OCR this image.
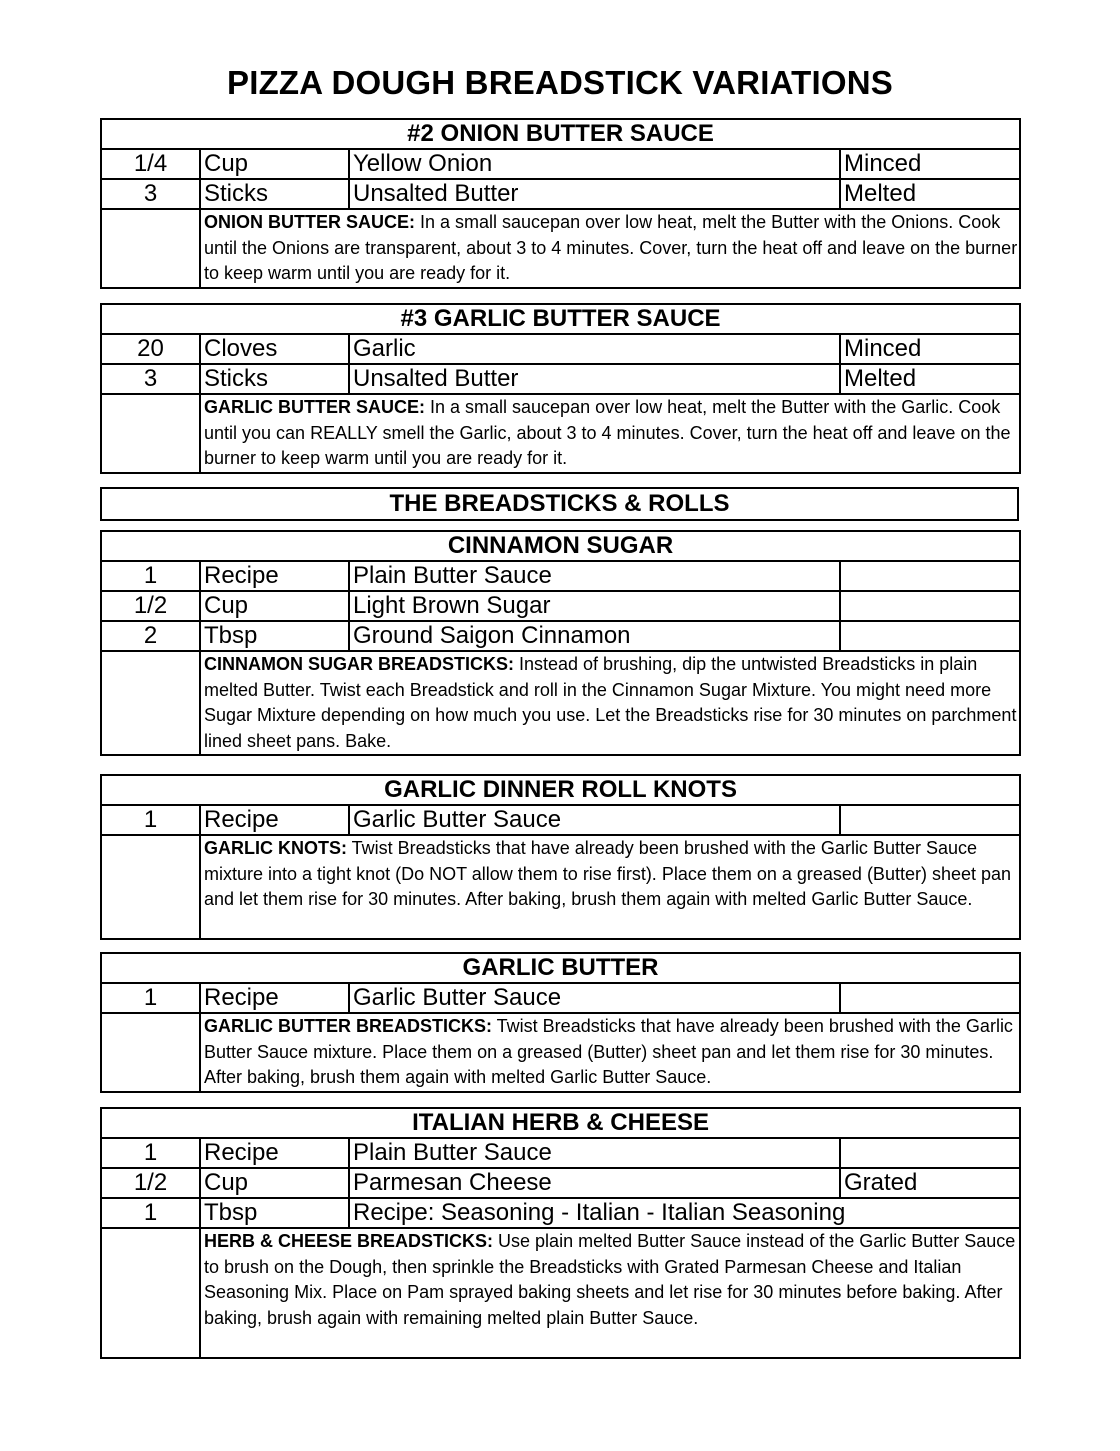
PIZZA DOUGH BREADSTICK VARIATIONS
#2 ONION BUTTER SAUCE			
1/4	Cup	Yellow Onion	Minced
3	Sticks	Unsalted Butter	Melted
	ONION BUTTER SAUCE: In a small saucepan over low heat, melt the Butter with the Onions. Cook until the Onions are transparent, about 3 to 4 minutes. Cover, turn the heat off and leave on the burner to keep warm until you are ready for it.		
#3 GARLIC BUTTER SAUCE			
20	Cloves	Garlic	Minced
3	Sticks	Unsalted Butter	Melted
	GARLIC BUTTER SAUCE: In a small saucepan over low heat, melt the Butter with the Garlic. Cook until you can REALLY smell the Garlic, about 3 to 4 minutes. Cover, turn the heat off and leave on the burner to keep warm until you are ready for it.		
THE BREADSTICKS & ROLLS
CINNAMON SUGAR			
1	Recipe	Plain Butter Sauce	
1/2	Cup	Light Brown Sugar	
2	Tbsp	Ground Saigon Cinnamon	
	CINNAMON SUGAR BREADSTICKS: Instead of brushing, dip the untwisted Breadsticks in plain melted Butter. Twist each Breadstick and roll in the Cinnamon Sugar Mixture. You might need more Sugar Mixture depending on how much you use. Let the Breadsticks rise for 30 minutes on parchment lined sheet pans. Bake.		
GARLIC DINNER ROLL KNOTS			
1	Recipe	Garlic Butter Sauce	
	GARLIC KNOTS: Twist Breadsticks that have already been brushed with the Garlic Butter Sauce mixture into a tight knot (Do NOT allow them to rise first). Place them on a greased (Butter) sheet pan and let them rise for 30 minutes. After baking, brush them again with melted Garlic Butter Sauce.		
GARLIC BUTTER			
1	Recipe	Garlic Butter Sauce	
	GARLIC BUTTER BREADSTICKS: Twist Breadsticks that have already been brushed with the Garlic Butter Sauce mixture. Place them on a greased (Butter) sheet pan and let them rise for 30 minutes. After baking, brush them again with melted Garlic Butter Sauce.		
ITALIAN HERB & CHEESE			
1	Recipe	Plain Butter Sauce	
1/2	Cup	Parmesan Cheese	Grated
1	Tbsp	Recipe: Seasoning - Italian - Italian Seasoning	
	HERB & CHEESE BREADSTICKS: Use plain melted Butter Sauce instead of the Garlic Butter Sauce to brush on the Dough, then sprinkle the Breadsticks with Grated Parmesan Cheese and Italian Seasoning Mix. Place on Pam sprayed baking sheets and let rise for 30 minutes before baking. After baking, brush again with remaining melted plain Butter Sauce.		
